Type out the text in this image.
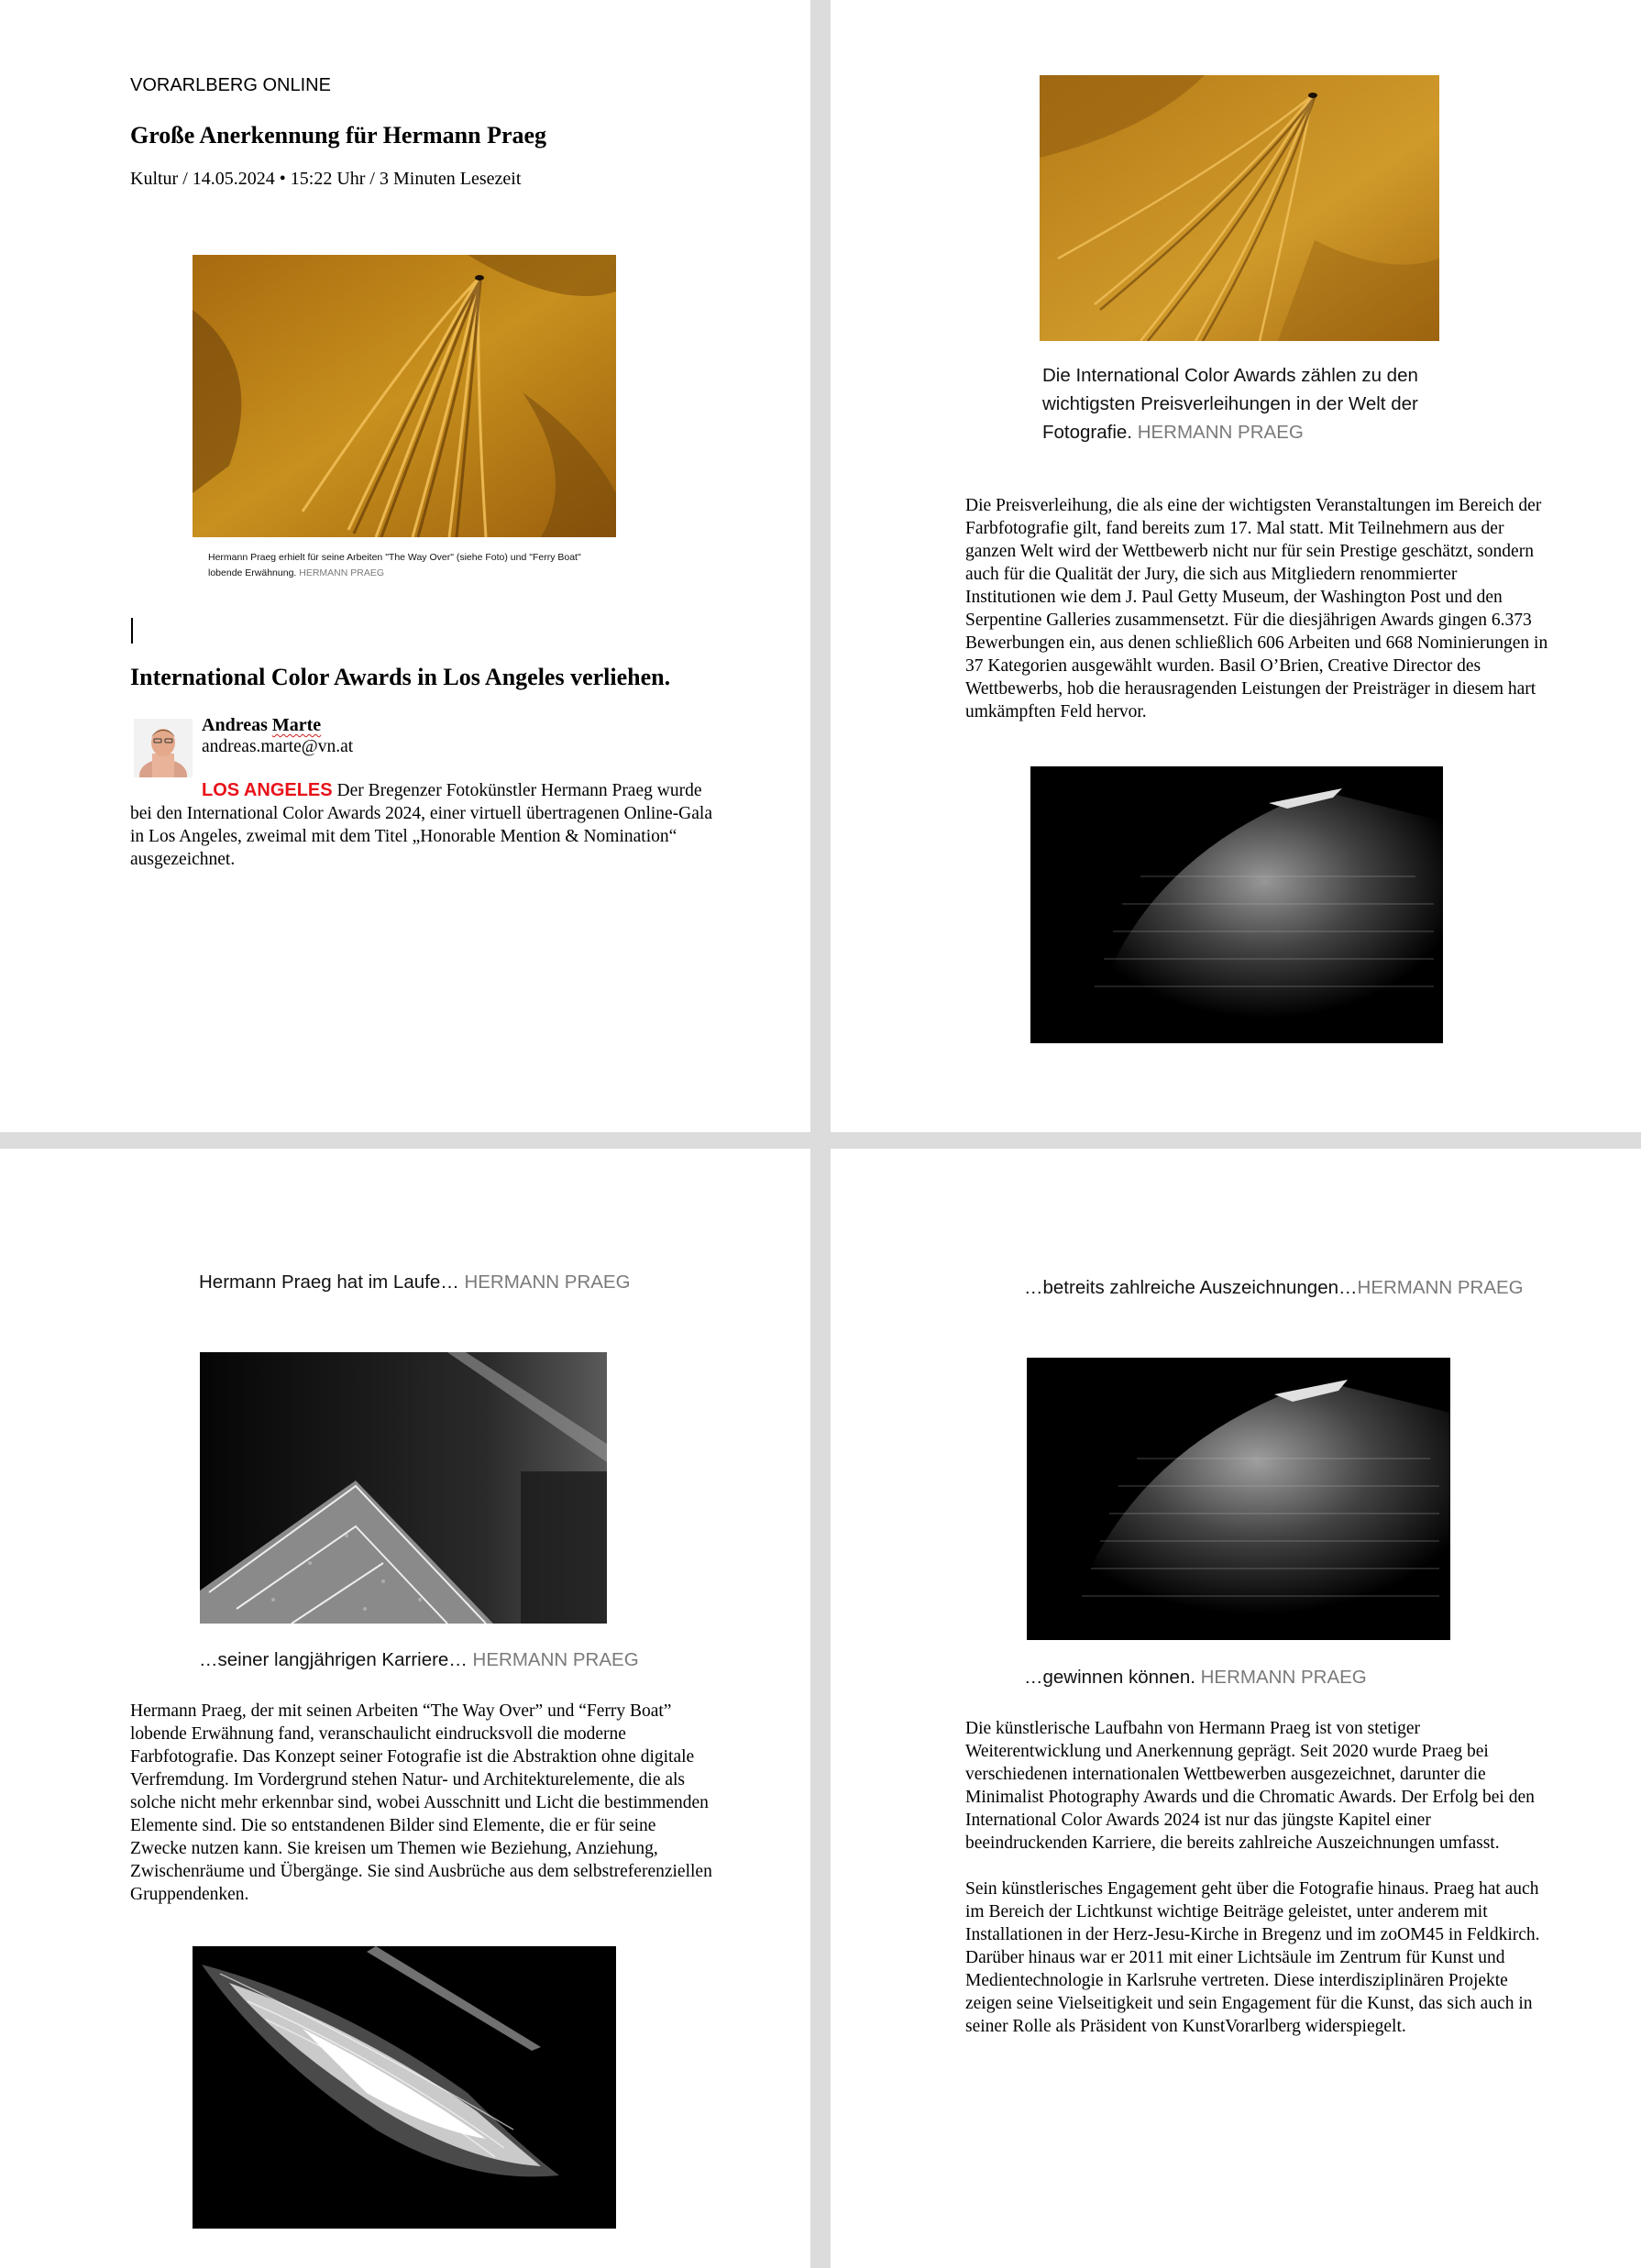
VORARLBERG ONLINE
Große Anerkennung für Hermann Praeg
Kultur / 14.05.2024 • 15:22 Uhr / 3 Minuten Lesezeit
Hermann Praeg erhielt für seine Arbeiten "The Way Over" (siehe Foto) und "Ferry Boat" lobende Erwähnung. HERMANN PRAEG
International Color Awards in Los Angeles verliehen.
Andreas Marte
andreas.marte@vn.at
LOS ANGELES Der Bregenzer Fotokünstler Hermann Praeg wurde bei den International Color Awards 2024, einer virtuell übertragenen Online-Gala in Los Angeles, zweimal mit dem Titel „Honorable Mention & Nomination“ ausgezeichnet.
Die International Color Awards zählen zu den wichtigsten Preisverleihungen in der Welt der Fotografie. HERMANN PRAEG
Die Preisverleihung, die als eine der wichtigsten Veranstaltungen im Bereich der Farbfotografie gilt, fand bereits zum 17. Mal statt. Mit Teilnehmern aus der ganzen Welt wird der Wettbewerb nicht nur für sein Prestige geschätzt, sondern auch für die Qualität der Jury, die sich aus Mitgliedern renommierter Institutionen wie dem J. Paul Getty Museum, der Washington Post und den Serpentine Galleries zusammensetzt. Für die diesjährigen Awards gingen 6.373 Bewerbungen ein, aus denen schließlich 606 Arbeiten und 668 Nominierungen in 37 Kategorien ausgewählt wurden. Basil O’Brien, Creative Director des Wettbewerbs, hob die herausragenden Leistungen der Preisträger in diesem hart umkämpften Feld hervor.
Hermann Praeg hat im Laufe… HERMANN PRAEG
…seiner langjährigen Karriere… HERMANN PRAEG
Hermann Praeg, der mit seinen Arbeiten “The Way Over” und “Ferry Boat” lobende Erwähnung fand, veranschaulicht eindrucksvoll die moderne Farbfotografie. Das Konzept seiner Fotografie ist die Abstraktion ohne digitale Verfremdung. Im Vordergrund stehen Natur- und Architekturelemente, die als solche nicht mehr erkennbar sind, wobei Ausschnitt und Licht die bestimmenden Elemente sind. Die so entstandenen Bilder sind Elemente, die er für seine Zwecke nutzen kann. Sie kreisen um Themen wie Beziehung, Anziehung, Zwischenräume und Übergänge. Sie sind Ausbrüche aus dem selbstreferenziellen Gruppendenken.
…betreits zahlreiche Auszeichnungen…HERMANN PRAEG
…gewinnen können. HERMANN PRAEG
Die künstlerische Laufbahn von Hermann Praeg ist von stetiger Weiterentwicklung und Anerkennung geprägt. Seit 2020 wurde Praeg bei verschiedenen internationalen Wettbewerben ausgezeichnet, darunter die Minimalist Photography Awards und die Chromatic Awards. Der Erfolg bei den International Color Awards 2024 ist nur das jüngste Kapitel einer beeindruckenden Karriere, die bereits zahlreiche Auszeichnungen umfasst.
Sein künstlerisches Engagement geht über die Fotografie hinaus. Praeg hat auch im Bereich der Lichtkunst wichtige Beiträge geleistet, unter anderem mit Installationen in der Herz-Jesu-Kirche in Bregenz und im zoOM45 in Feldkirch. Darüber hinaus war er 2011 mit einer Lichtsäule im Zentrum für Kunst und Medientechnologie in Karlsruhe vertreten. Diese interdisziplinären Projekte zeigen seine Vielseitigkeit und sein Engagement für die Kunst, das sich auch in seiner Rolle als Präsident von KunstVorarlberg widerspiegelt.
